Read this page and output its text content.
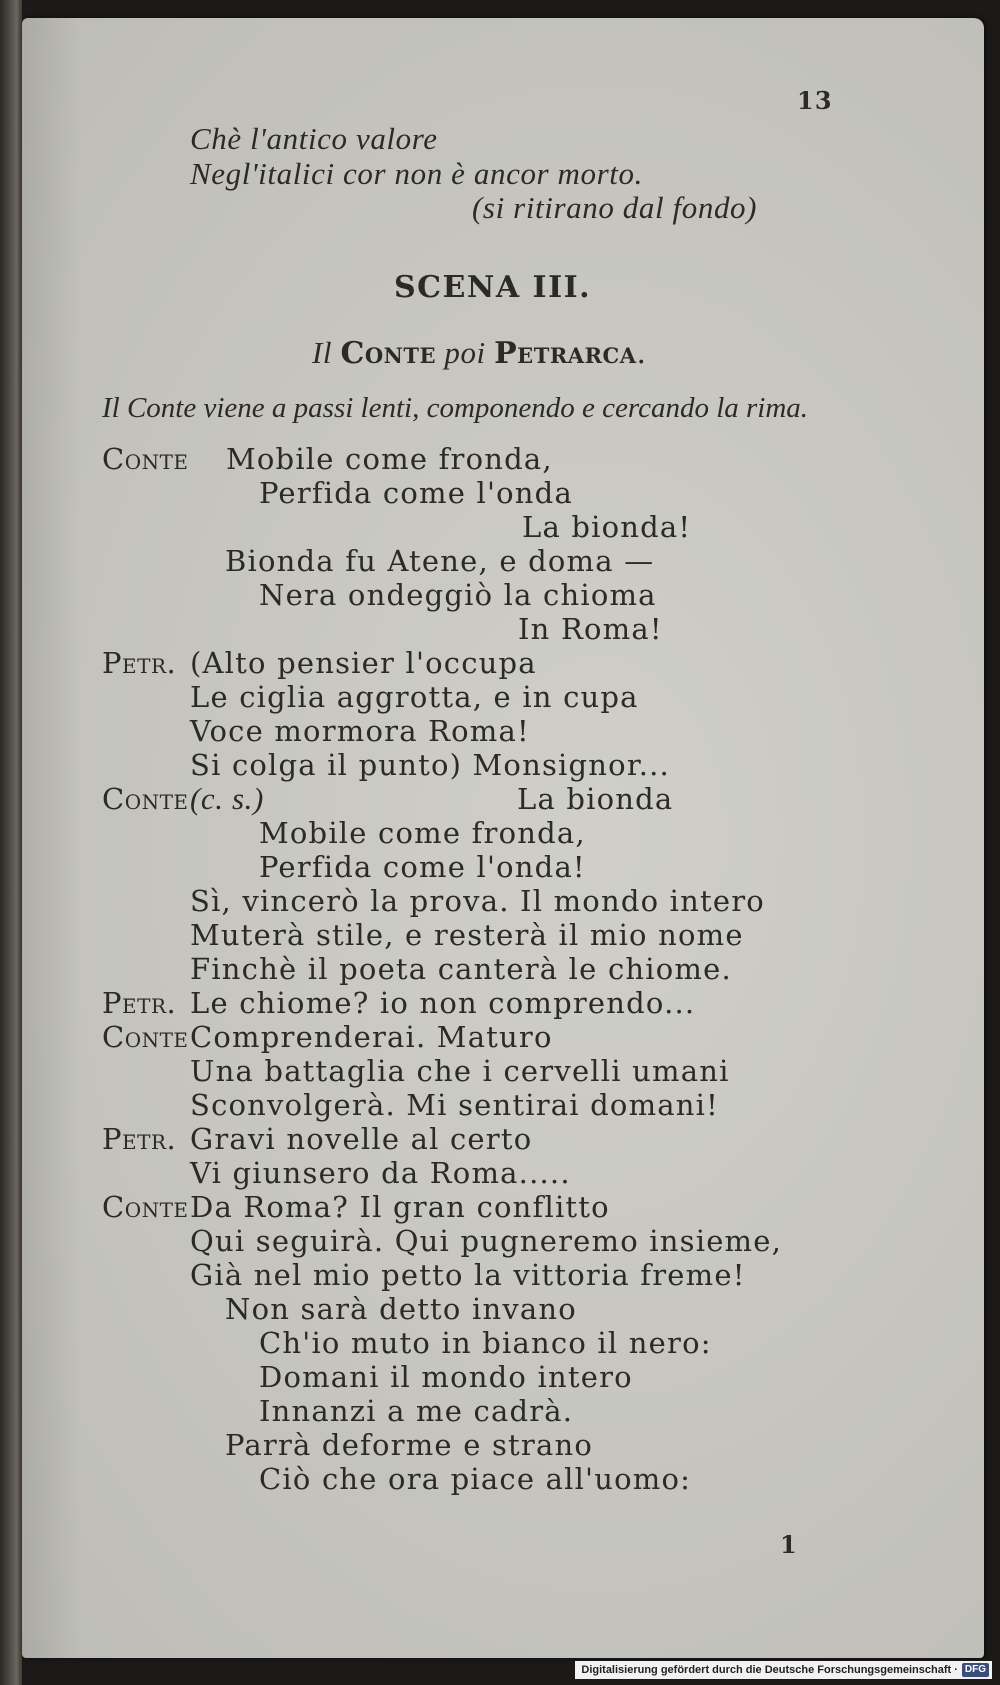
13
Chè l'antico valore
Negl'italici cor non è ancor morto.
(si ritirano dal fondo)
SCENA III.
Il Conte poi Petrarca.
Il Conte viene a passi lenti, componendo e cercando la rima.
Conte Mobile come fronda,
Perfida come l'onda
La bionda!
Bionda fu Atene, e doma —
Nera ondeggiò la chioma
In Roma!
Petr. (Alto pensier l'occupa
Le ciglia aggrotta, e in cupa
Voce mormora Roma!
Si colga il punto) Monsignor...
Conte (c. s.)	La bionda
Mobile come fronda,
Perfida come l'onda!
Sì, vincerò la prova. Il mondo intero
Muterà stile, e resterà il mio nome
Finchè il poeta canterà le chiome.
Petr. Le chiome? io non comprendo...
Conte Comprenderai. Maturo
Una battaglia che i cervelli umani
Sconvolgerà. Mi sentirai domani!
Petr. Gravi novelle al certo
Vi giunsero da Roma.....
Conte Da Roma? Il gran conflitto
Qui seguirà. Qui pugneremo insieme,
Già nel mio petto la vittoria freme!
Non sarà detto invano
Ch'io muto in bianco il nero:
Domani il mondo intero
Innanzi a me cadrà.
Parrà deforme e strano
Ciò che ora piace all'uomo:
1
Digitalisierung gefördert durch die Deutsche Forschungsgemeinschaft · DFG
